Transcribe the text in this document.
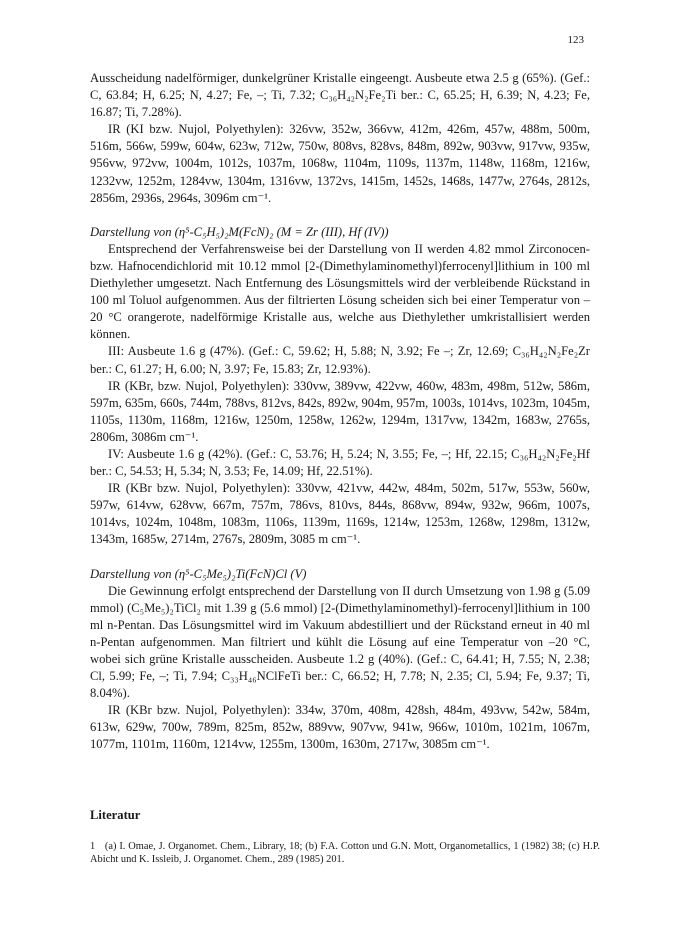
123

Ausscheidung nadelförmiger, dunkelgrüner Kristalle eingeengt. Ausbeute etwa 2.5 g (65%). (Gef.: C, 63.84; H, 6.25; N, 4.27; Fe, –; Ti, 7.32; C₃₆H₄₂N₂Fe₂Ti ber.: C, 65.25; H, 6.39; N, 4.23; Fe, 16.87; Ti, 7.28%).

IR (KI bzw. Nujol, Polyethylen): 326vw, 352w, 366vw, 412m, 426m, 457w, 488m, 500m, 516m, 566w, 599w, 604w, 623w, 712w, 750w, 808vs, 828vs, 848m, 892w, 903vw, 917vw, 935w, 956vw, 972vw, 1004m, 1012s, 1037m, 1068w, 1104m, 1109s, 1137m, 1148w, 1168m, 1216w, 1232vw, 1252m, 1284vw, 1304m, 1316vw, 1372vs, 1415m, 1452s, 1468s, 1477w, 2764s, 2812s, 2856m, 2936s, 2964s, 3096m cm⁻¹.

Darstellung von (η⁵-C₅H₅)₂M(FcN)₂ (M = Zr (III), Hf (IV))

Entsprechend der Verfahrensweise bei der Darstellung von II werden 4.82 mmol Zirconocen- bzw. Hafnocendichlorid mit 10.12 mmol [2-(Dimethylaminomethyl)ferrocenyl]lithium in 100 ml Diethylether umgesetzt. Nach Entfernung des Lösungsmittels wird der verbleibende Rückstand in 100 ml Toluol aufgenommen. Aus der filtrierten Lösung scheiden sich bei einer Temperatur von –20 °C orangerote, nadelförmige Kristalle aus, welche aus Diethylether umkristallisiert werden können.

III: Ausbeute 1.6 g (47%). (Gef.: C, 59.62; H, 5.88; N, 3.92; Fe –; Zr, 12.69; C₃₆H₄₂N₂Fe₂Zr ber.: C, 61.27; H, 6.00; N, 3.97; Fe, 15.83; Zr, 12.93%).

IR (KBr, bzw. Nujol, Polyethylen): 330vw, 389vw, 422vw, 460w, 483m, 498m, 512w, 586m, 597m, 635m, 660s, 744m, 788vs, 812vs, 842s, 892w, 904m, 957m, 1003s, 1014vs, 1023m, 1045m, 1105s, 1130m, 1168m, 1216w, 1250m, 1258w, 1262w, 1294m, 1317vw, 1342m, 1683w, 2765s, 2806m, 3086m cm⁻¹.

IV: Ausbeute 1.6 g (42%). (Gef.: C, 53.76; H, 5.24; N, 3.55; Fe, –; Hf, 22.15; C₃₆H₄₂N₂Fe₂Hf ber.: C, 54.53; H, 5.34; N, 3.53; Fe, 14.09; Hf, 22.51%).

IR (KBr bzw. Nujol, Polyethylen): 330vw, 421vw, 442w, 484m, 502m, 517w, 553w, 560w, 597w, 614vw, 628vw, 667m, 757m, 786vs, 810vs, 844s, 868vw, 894w, 932w, 966m, 1007s, 1014vs, 1024m, 1048m, 1083m, 1106s, 1139m, 1169s, 1214w, 1253m, 1268w, 1298m, 1312w, 1343m, 1685w, 2714m, 2767s, 2809m, 3085 m cm⁻¹.

Darstellung von (η⁵-C₅Me₅)₂Ti(FcN)Cl (V)

Die Gewinnung erfolgt entsprechend der Darstellung von II durch Umsetzung von 1.98 g (5.09 mmol) (C₅Me₅)₂TiCl₂ mit 1.39 g (5.6 mmol) [2-(Dimethylaminomethyl)-ferrocenyl]lithium in 100 ml n-Pentan. Das Lösungsmittel wird im Vakuum abdestilliert und der Rückstand erneut in 40 ml n-Pentan aufgenommen. Man filtriert und kühlt die Lösung auf eine Temperatur von –20 °C, wobei sich grüne Kristalle ausscheiden. Ausbeute 1.2 g (40%). (Gef.: C, 64.41; H, 7.55; N, 2.38; Cl, 5.99; Fe, –; Ti, 7.94; C₃₃H₄₆NClFeTi ber.: C, 66.52; H, 7.78; N, 2.35; Cl, 5.94; Fe, 9.37; Ti, 8.04%).

IR (KBr bzw. Nujol, Polyethylen): 334w, 370m, 408m, 428sh, 484m, 493vw, 542w, 584m, 613w, 629w, 700w, 789m, 825m, 852w, 889vw, 907vw, 941w, 966w, 1010m, 1021m, 1067m, 1077m, 1101m, 1160m, 1214vw, 1255m, 1300m, 1630m, 2717w, 3085m cm⁻¹.

Literatur
1 (a) I. Omae, J. Organomet. Chem., Library, 18; (b) F.A. Cotton und G.N. Mott, Organometallics, 1 (1982) 38; (c) H.P. Abicht und K. Issleib, J. Organomet. Chem., 289 (1985) 201.
